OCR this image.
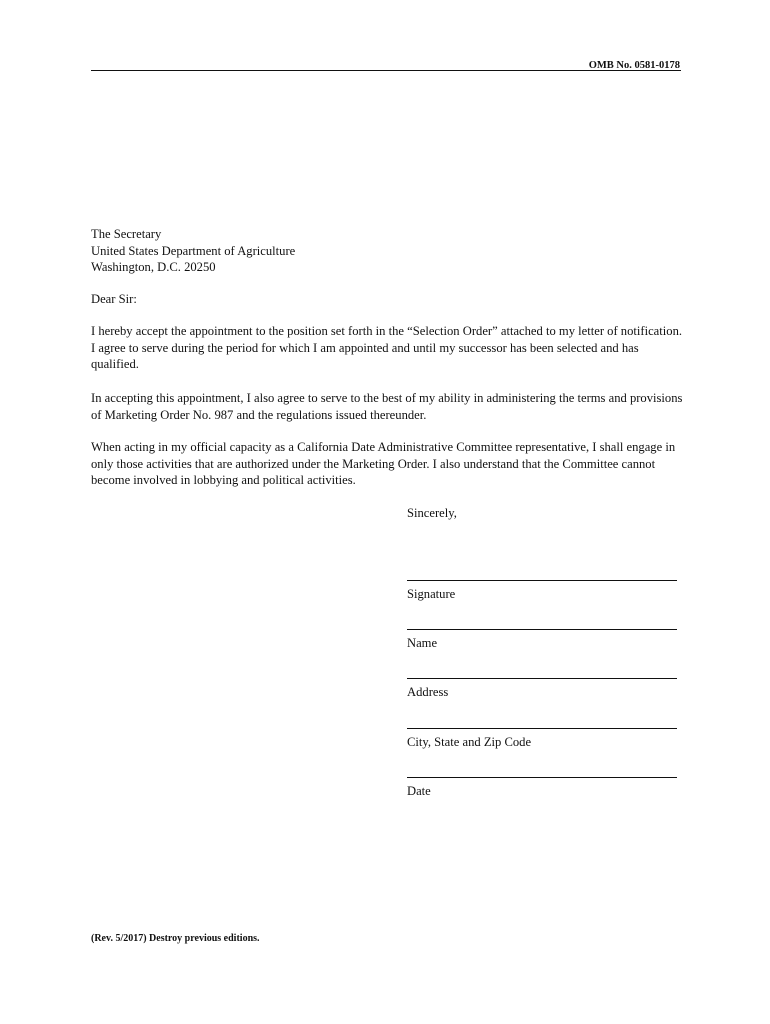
OMB No. 0581-0178
The Secretary
United States Department of Agriculture
Washington, D.C. 20250
Dear Sir:

I hereby accept the appointment to the position set forth in the “Selection Order” attached to my letter of notification. I agree to serve during the period for which I am appointed and until my successor has been selected and has qualified.

In accepting this appointment, I also agree to serve to the best of my ability in administering the terms and provisions of Marketing Order No. 987 and the regulations issued thereunder.

When acting in my official capacity as a California Date Administrative Committee representative, I shall engage in only those activities that are authorized under the Marketing Order. I also understand that the Committee cannot become involved in lobbying and political activities.

Sincerely,
Signature
Name
Address
City, State and Zip Code
Date
(Rev. 5/2017) Destroy previous editions.
